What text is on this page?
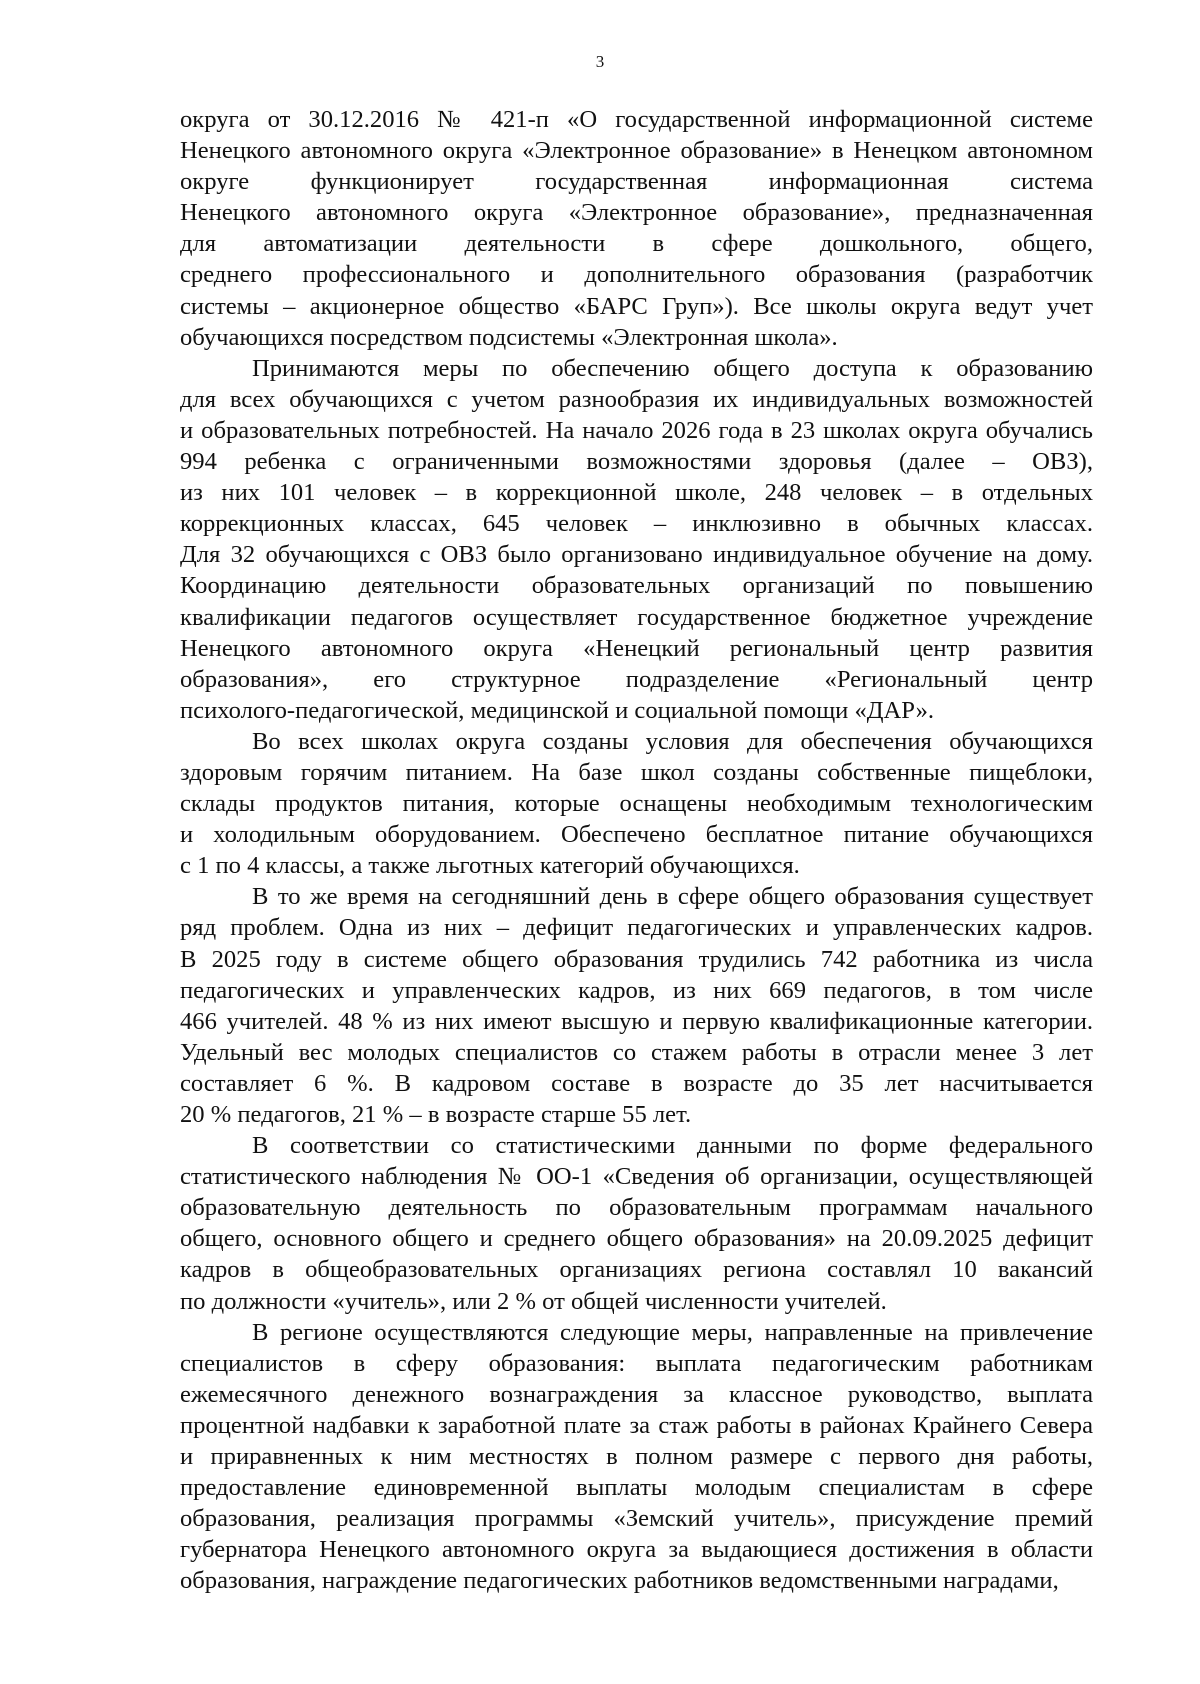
3
округа от 30.12.2016 № 421-п «О государственной информационной системе
Ненецкого автономного округа «Электронное образование» в Ненецком автономном
округе функционирует государственная информационная система
Ненецкого автономного округа «Электронное образование», предназначенная
для автоматизации деятельности в сфере дошкольного, общего,
среднего профессионального и дополнительного образования (разработчик
системы – акционерное общество «БАРС Груп»). Все школы округа ведут учет
обучающихся посредством подсистемы «Электронная школа».
Принимаются меры по обеспечению общего доступа к образованию
для всех обучающихся с учетом разнообразия их индивидуальных возможностей
и образовательных потребностей. На начало 2026 года в 23 школах округа обучались
994 ребенка с ограниченными возможностями здоровья (далее – ОВЗ),
из них 101 человек – в коррекционной школе, 248 человек – в отдельных
коррекционных классах, 645 человек – инклюзивно в обычных классах.
Для 32 обучающихся с ОВЗ было организовано индивидуальное обучение на дому.
Координацию деятельности образовательных организаций по повышению
квалификации педагогов осуществляет государственное бюджетное учреждение
Ненецкого автономного округа «Ненецкий региональный центр развития
образования», его структурное подразделение «Региональный центр
психолого-педагогической, медицинской и социальной помощи «ДАР».
Во всех школах округа созданы условия для обеспечения обучающихся
здоровым горячим питанием. На базе школ созданы собственные пищеблоки,
склады продуктов питания, которые оснащены необходимым технологическим
и холодильным оборудованием. Обеспечено бесплатное питание обучающихся
с 1 по 4 классы, а также льготных категорий обучающихся.
В то же время на сегодняшний день в сфере общего образования существует
ряд проблем. Одна из них – дефицит педагогических и управленческих кадров.
В 2025 году в системе общего образования трудились 742 работника из числа
педагогических и управленческих кадров, из них 669 педагогов, в том числе
466 учителей. 48 % из них имеют высшую и первую квалификационные категории.
Удельный вес молодых специалистов со стажем работы в отрасли менее 3 лет
составляет 6 %. В кадровом составе в возрасте до 35 лет насчитывается
20 % педагогов, 21 % – в возрасте старше 55 лет.
В соответствии со статистическими данными по форме федерального
статистического наблюдения № ОО-1 «Сведения об организации, осуществляющей
образовательную деятельность по образовательным программам начального
общего, основного общего и среднего общего образования» на 20.09.2025 дефицит
кадров в общеобразовательных организациях региона составлял 10 вакансий
по должности «учитель», или 2 % от общей численности учителей.
В регионе осуществляются следующие меры, направленные на привлечение
специалистов в сферу образования: выплата педагогическим работникам
ежемесячного денежного вознаграждения за классное руководство, выплата
процентной надбавки к заработной плате за стаж работы в районах Крайнего Севера
и приравненных к ним местностях в полном размере с первого дня работы,
предоставление единовременной выплаты молодым специалистам в сфере
образования, реализация программы «Земский учитель», присуждение премий
губернатора Ненецкого автономного округа за выдающиеся достижения в области
образования, награждение педагогических работников ведомственными наградами,
